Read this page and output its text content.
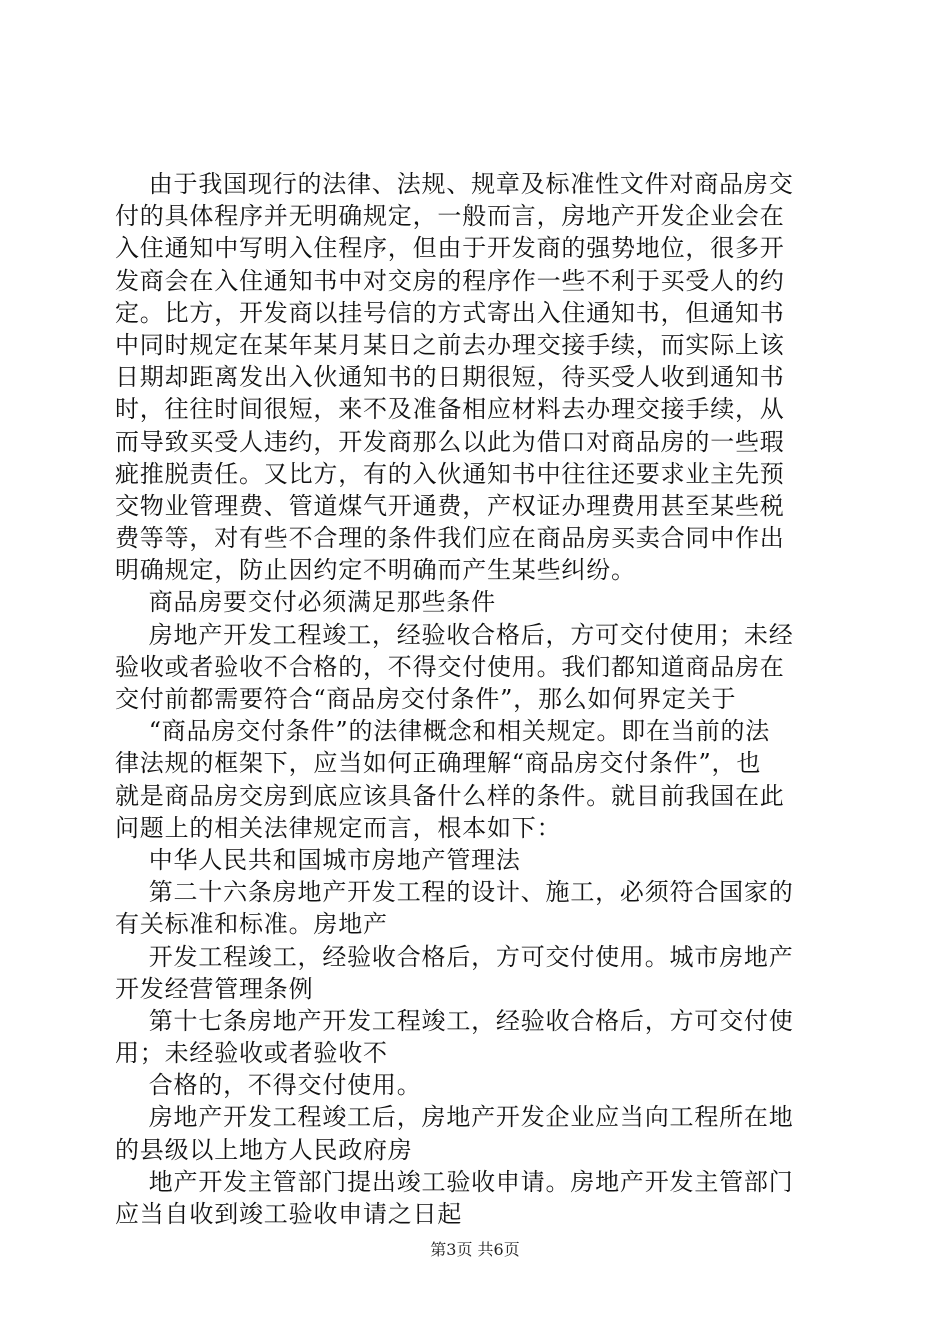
由于我国现行的法律、法规、规章及标准性文件对商品房交
付的具体程序并无明确规定，一般而言，房地产开发企业会在
入住通知中写明入住程序，但由于开发商的强势地位，很多开
发商会在入住通知书中对交房的程序作一些不利于买受人的约
定。比方，开发商以挂号信的方式寄出入住通知书，但通知书
中同时规定在某年某月某日之前去办理交接手续，而实际上该
日期却距离发出入伙通知书的日期很短，待买受人收到通知书
时，往往时间很短，来不及准备相应材料去办理交接手续，从
而导致买受人违约，开发商那么以此为借口对商品房的一些瑕
疵推脱责任。又比方，有的入伙通知书中往往还要求业主先预
交物业管理费、管道煤气开通费，产权证办理费用甚至某些税
费等等，对有些不合理的条件我们应在商品房买卖合同中作出
明确规定，防止因约定不明确而产生某些纠纷。
商品房要交付必须满足那些条件
房地产开发工程竣工，经验收合格后，方可交付使用；未经
验收或者验收不合格的，不得交付使用。我们都知道商品房在
交付前都需要符合“商品房交付条件”，那么如何界定关于
“商品房交付条件”的法律概念和相关规定。即在当前的法
律法规的框架下，应当如何正确理解“商品房交付条件”，也
就是商品房交房到底应该具备什么样的条件。就目前我国在此
问题上的相关法律规定而言，根本如下：
中华人民共和国城市房地产管理法
第二十六条房地产开发工程的设计、施工，必须符合国家的
有关标准和标准。房地产
开发工程竣工，经验收合格后，方可交付使用。城市房地产
开发经营管理条例
第十七条房地产开发工程竣工，经验收合格后，方可交付使
用；未经验收或者验收不
合格的，不得交付使用。
房地产开发工程竣工后，房地产开发企业应当向工程所在地
的县级以上地方人民政府房
地产开发主管部门提出竣工验收申请。房地产开发主管部门
应当自收到竣工验收申请之日起
第3页 共6页
